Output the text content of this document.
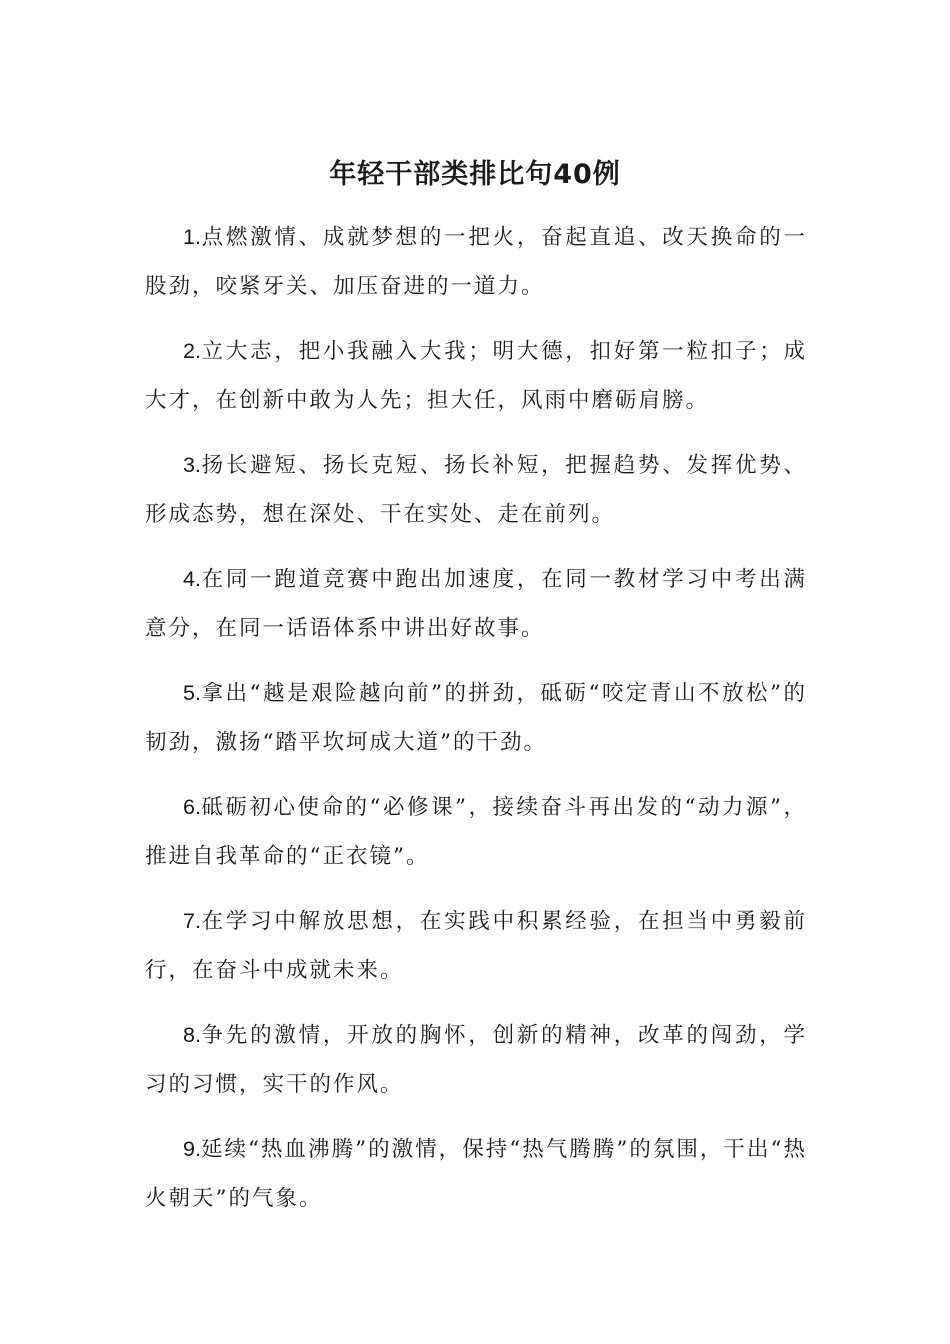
年轻干部类排比句40例

1.点燃激情、成就梦想的一把火，奋起直追、改天换命的一股劲，咬紧牙关、加压奋进的一道力。

2.立大志，把小我融入大我；明大德，扣好第一粒扣子；成大才，在创新中敢为人先；担大任，风雨中磨砺肩膀。

3.扬长避短、扬长克短、扬长补短，把握趋势、发挥优势、形成态势，想在深处、干在实处、走在前列。

4.在同一跑道竞赛中跑出加速度，在同一教材学习中考出满意分，在同一话语体系中讲出好故事。

5.拿出“越是艰险越向前”的拼劲，砥砺“咬定青山不放松”的韧劲，激扬“踏平坎坷成大道”的干劲。

6.砥砺初心使命的“必修课”，接续奋斗再出发的“动力源”，推进自我革命的“正衣镜”。

7.在学习中解放思想，在实践中积累经验，在担当中勇毅前行，在奋斗中成就未来。

8.争先的激情，开放的胸怀，创新的精神，改革的闯劲，学习的习惯，实干的作风。

9.延续“热血沸腾”的激情，保持“热气腾腾”的氛围，干出“热火朝天”的气象。
